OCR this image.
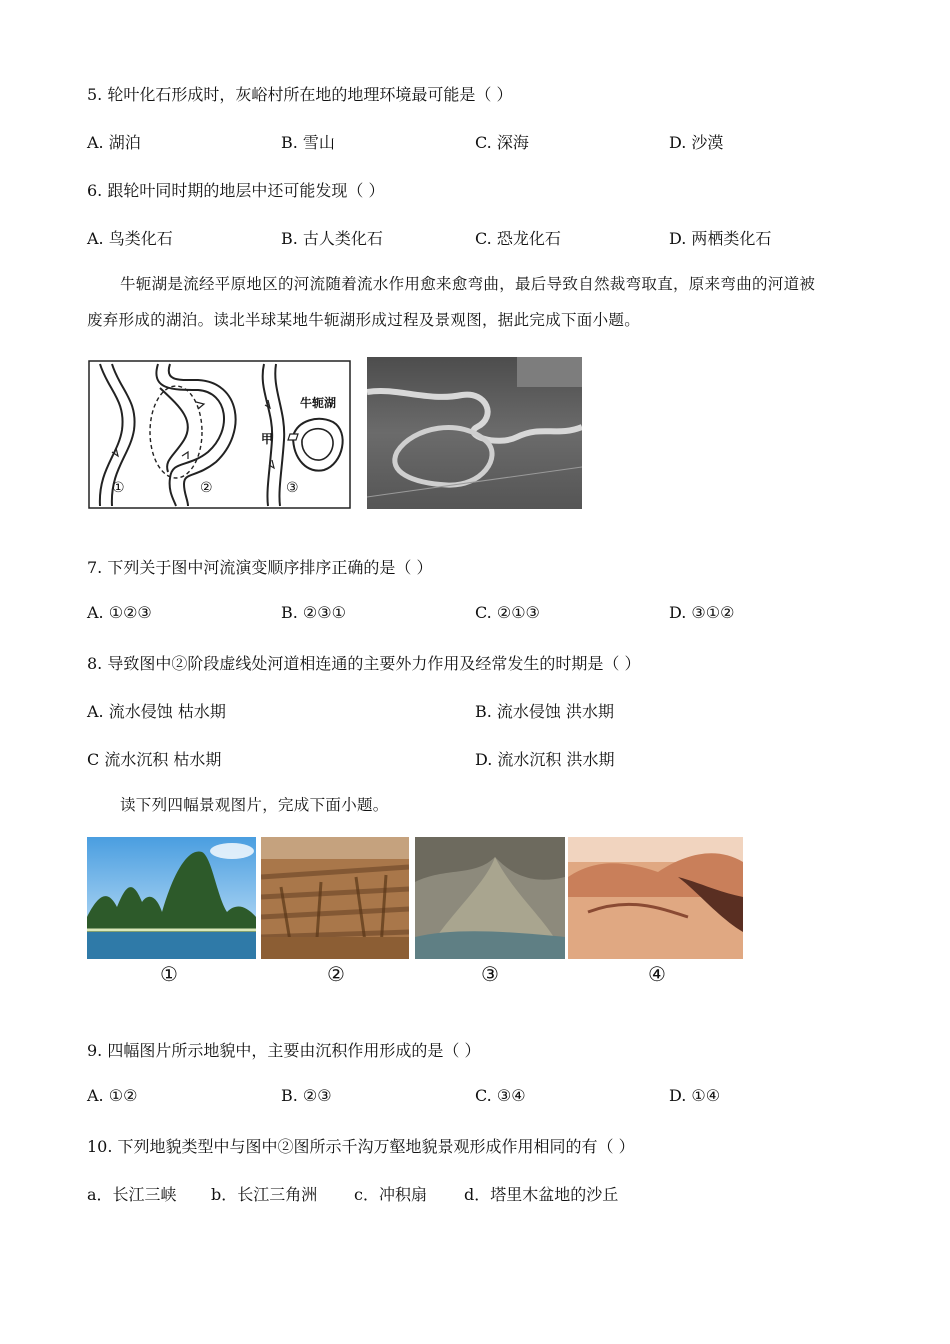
5. 轮叶化石形成时，灰峪村所在地的地理环境最可能是（ ）
A. 湖泊	B. 雪山	C. 深海	D. 沙漠
6. 跟轮叶同时期的地层中还可能发现（ ）
A. 鸟类化石	B. 古人类化石	C. 恐龙化石	D. 两栖类化石
牛轭湖是流经平原地区的河流随着流水作用愈来愈弯曲，最后导致自然裁弯取直，原来弯曲的河道被
废弃形成的湖泊。读北半球某地牛轭湖形成过程及景观图，据此完成下面小题。
牛轭湖
甲
①	②	③
7. 下列关于图中河流演变顺序排序正确的是（ ）
A. ①②③	B. ②③①	C. ②①③	D. ③①②
8. 导致图中②阶段虚线处河道相连通的主要外力作用及经常发生的时期是（ ）
A. 流水侵蚀 枯水期	B. 流水侵蚀 洪水期
C 流水沉积 枯水期	D. 流水沉积 洪水期
读下列四幅景观图片，完成下面小题。
①	②	③	④
9. 四幅图片所示地貌中，主要由沉积作用形成的是（ ）
A. ①②	B. ②③	C. ③④	D. ①④
10. 下列地貌类型中与图中②图所示千沟万壑地貌景观形成作用相同的有（ ）
a．长江三峡 b．长江三角洲 c．冲积扇 d．塔里木盆地的沙丘
